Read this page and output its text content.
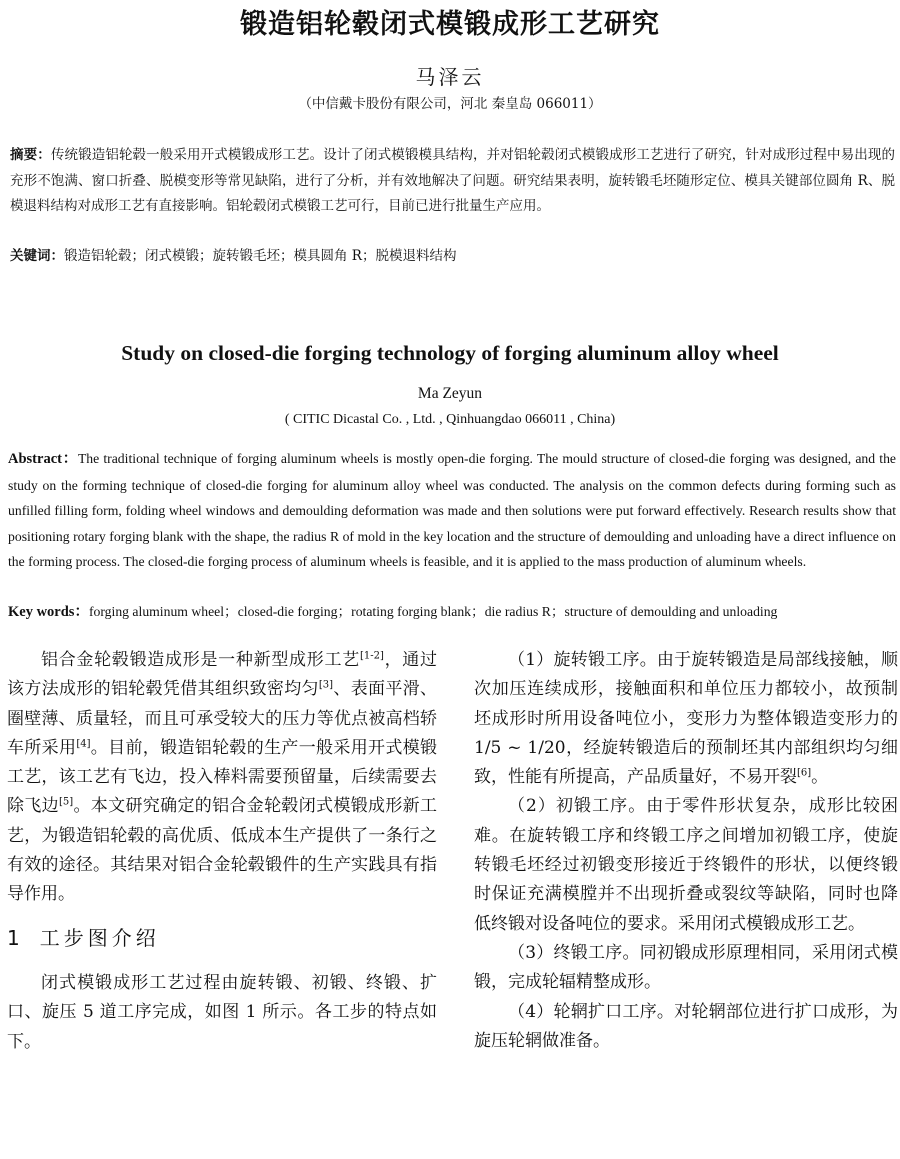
锻造铝轮毂闭式模锻成形工艺研究
马泽云
（中信戴卡股份有限公司，河北 秦皇岛 066011）
摘要：传统锻造铝轮毂一般采用开式模锻成形工艺。设计了闭式模锻模具结构，并对铝轮毂闭式模锻成形工艺进行了研究，针对成形过程中易出现的充形不饱满、窗口折叠、脱模变形等常见缺陷，进行了分析，并有效地解决了问题。研究结果表明，旋转锻毛坯随形定位、模具关键部位圆角 R、脱模退料结构对成形工艺有直接影响。铝轮毂闭式模锻工艺可行，目前已进行批量生产应用。
关键词：锻造铝轮毂；闭式模锻；旋转锻毛坯；模具圆角 R；脱模退料结构
Study on closed-die forging technology of forging aluminum alloy wheel
Ma Zeyun
( CITIC Dicastal Co. , Ltd. , Qinhuangdao 066011 , China)
Abstract：The traditional technique of forging aluminum wheels is mostly open-die forging. The mould structure of closed-die forging was designed, and the study on the forming technique of closed-die forging for aluminum alloy wheel was conducted. The analysis on the common defects during forming such as unfilled filling form, folding wheel windows and demoulding deformation was made and then solutions were put forward effectively. Research results show that positioning rotary forging blank with the shape, the radius R of mold in the key location and the structure of demoulding and unloading have a direct influence on the forming process. The closed-die forging process of aluminum wheels is feasible, and it is applied to the mass production of aluminum wheels.
Key words：forging aluminum wheel；closed-die forging；rotating forging blank；die radius R；structure of demoulding and unloading

铝合金轮毂锻造成形是一种新型成形工艺[1-2]，通过该方法成形的铝轮毂凭借其组织致密均匀[3]、表面平滑、圈壁薄、质量轻，而且可承受较大的压力等优点被高档轿车所采用[4]。目前，锻造铝轮毂的生产一般采用开式模锻工艺，该工艺有飞边，投入棒料需要预留量，后续需要去除飞边[5]。本文研究确定的铝合金轮毂闭式模锻成形新工艺，为锻造铝轮毂的高优质、低成本生产提供了一条行之有效的途径。其结果对铝合金轮毂锻件的生产实践具有指导作用。

1 工步图介绍

闭式模锻成形工艺过程由旋转锻、初锻、终锻、扩口、旋压 5 道工序完成，如图 1 所示。各工步的特点如下。

（1）旋转锻工序。由于旋转锻造是局部线接触，顺次加压连续成形，接触面积和单位压力都较小，故预制坯成形时所用设备吨位小，变形力为整体锻造变形力的 1/5 ~ 1/20，经旋转锻造后的预制坯其内部组织均匀细致，性能有所提高，产品质量好，不易开裂[6]。

（2）初锻工序。由于零件形状复杂，成形比较困难。在旋转锻工序和终锻工序之间增加初锻工序，使旋转锻毛坯经过初锻变形接近于终锻件的形状，以便终锻时保证充满模膛并不出现折叠或裂纹等缺陷，同时也降低终锻对设备吨位的要求。采用闭式模锻成形工艺。

（3）终锻工序。同初锻成形原理相同，采用闭式模锻，完成轮辐精整成形。

（4）轮辋扩口工序。对轮辋部位进行扩口成形，为旋压轮辋做准备。
